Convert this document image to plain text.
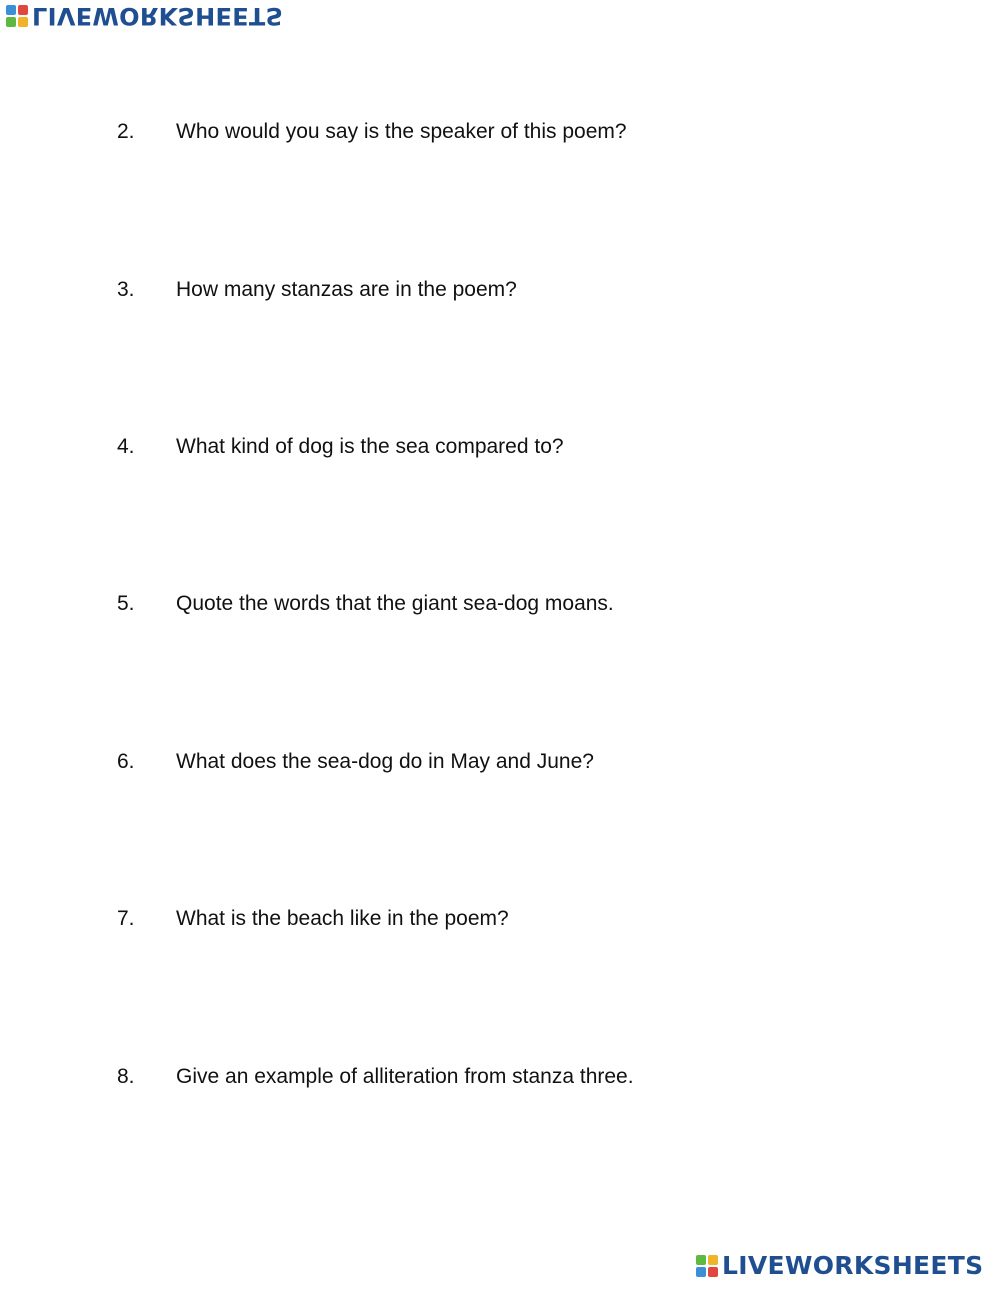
LIVEWORKSHEETS
2.	Who would you say is the speaker of this poem?
3.	How many stanzas are in the poem?
4.	What kind of dog is the sea compared to?
5.	Quote the words that the giant sea-dog moans.
6.	What does the sea-dog do in May and June?
7.	What is the beach like in the poem?
8.	Give an example of alliteration from stanza three.
LIVEWORKSHEETS
